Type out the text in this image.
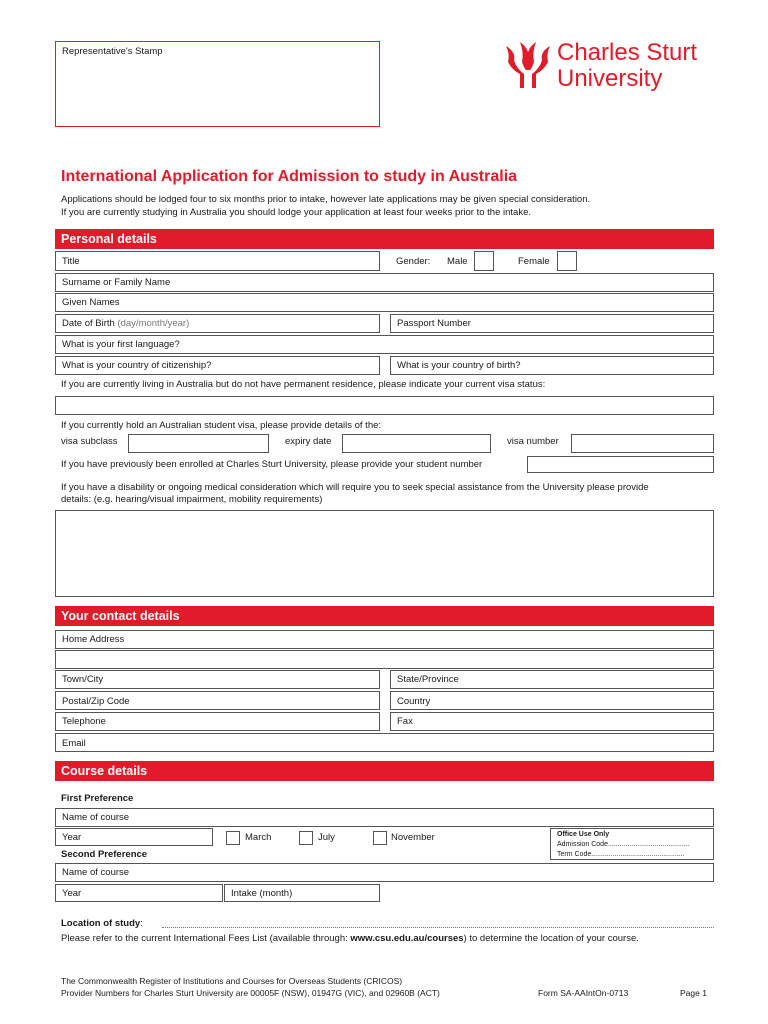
Representative's Stamp	Charles Sturt
University
International Application for Admission to study in Australia
Applications should be lodged four to six months prior to intake, however late applications may be given special consideration.
If you are currently studying in Australia you should lodge your application at least four weeks prior to the intake.
Personal details
Title	Gender: Male	Female
Surname or Family Name
Given Names
Date of Birth (day/month/year)	Passport Number
What is your first language?
What is your country of citizenship?	What is your country of birth?
If you are currently living in Australia but do not have permanent residence, please indicate your current visa status:
If you currently hold an Australian student visa, please provide details of the:
visa subclass	expiry date	visa number
If you have previously been enrolled at Charles Sturt University, please provide your student number
If you have a disability or ongoing medical consideration which will require you to seek special assistance from the University please provide
details: (e.g. hearing/visual impairment, mobility requirements)
Your contact details
Home Address
Town/City	State/Province
Postal/Zip Code	Country
Telephone	Fax
Email
Course details
First Preference
Name of course
Year	March	July	November	Office Use Only
Admission Code..........................................
Term Code................................................
Second Preference
Name of course
Year	Intake (month)
Location of study:
Please refer to the current International Fees List (available through: www.csu.edu.au/courses) to determine the location of your course.
The Commonwealth Register of Institutions and Courses for Overseas Students (CRICOS)
Provider Numbers for Charles Sturt University are 00005F (NSW), 01947G (VIC), and 02960B (ACT)	Form SA-AAIntOn-0713	Page 1
